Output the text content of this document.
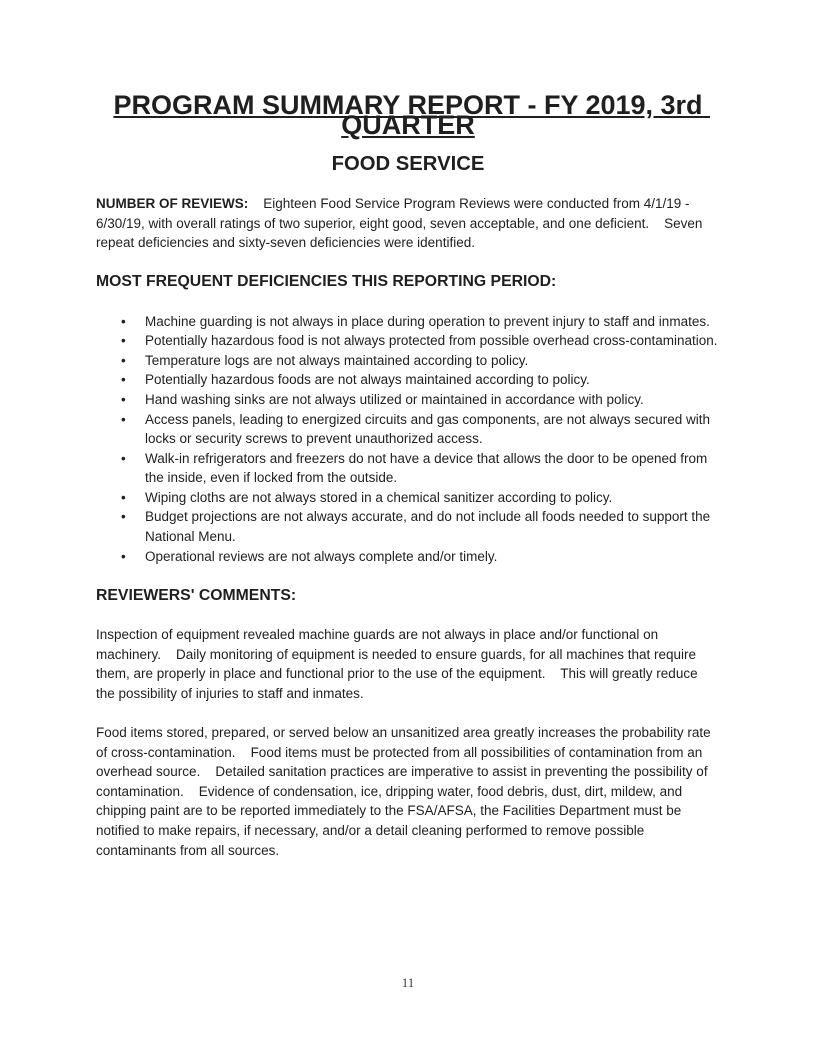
PROGRAM SUMMARY REPORT - FY 2019, 3rd QUARTER
FOOD SERVICE

NUMBER OF REVIEWS:    Eighteen Food Service Program Reviews were conducted from 4/1/19 - 6/30/19, with overall ratings of two superior, eight good, seven acceptable, and one deficient.    Seven repeat deficiencies and sixty-seven deficiencies were identified.

MOST FREQUENT DEFICIENCIES THIS REPORTING PERIOD:
• Machine guarding is not always in place during operation to prevent injury to staff and inmates.
• Potentially hazardous food is not always protected from possible overhead cross-contamination.
• Temperature logs are not always maintained according to policy.
• Potentially hazardous foods are not always maintained according to policy.
• Hand washing sinks are not always utilized or maintained in accordance with policy.
• Access panels, leading to energized circuits and gas components, are not always secured with locks or security screws to prevent unauthorized access.
• Walk-in refrigerators and freezers do not have a device that allows the door to be opened from the inside, even if locked from the outside.
• Wiping cloths are not always stored in a chemical sanitizer according to policy.
• Budget projections are not always accurate, and do not include all foods needed to support the National Menu.
• Operational reviews are not always complete and/or timely.
REVIEWERS' COMMENTS:

Inspection of equipment revealed machine guards are not always in place and/or functional on machinery.    Daily monitoring of equipment is needed to ensure guards, for all machines that require them, are properly in place and functional prior to the use of the equipment.    This will greatly reduce the possibility of injuries to staff and inmates.

Food items stored, prepared, or served below an unsanitized area greatly increases the probability rate of cross-contamination.    Food items must be protected from all possibilities of contamination from an overhead source.    Detailed sanitation practices are imperative to assist in preventing the possibility of contamination.    Evidence of condensation, ice, dripping water, food debris, dust, dirt, mildew, and chipping paint are to be reported immediately to the FSA/AFSA, the Facilities Department must be notified to make repairs, if necessary, and/or a detail cleaning performed to remove possible contaminants from all sources.

11
